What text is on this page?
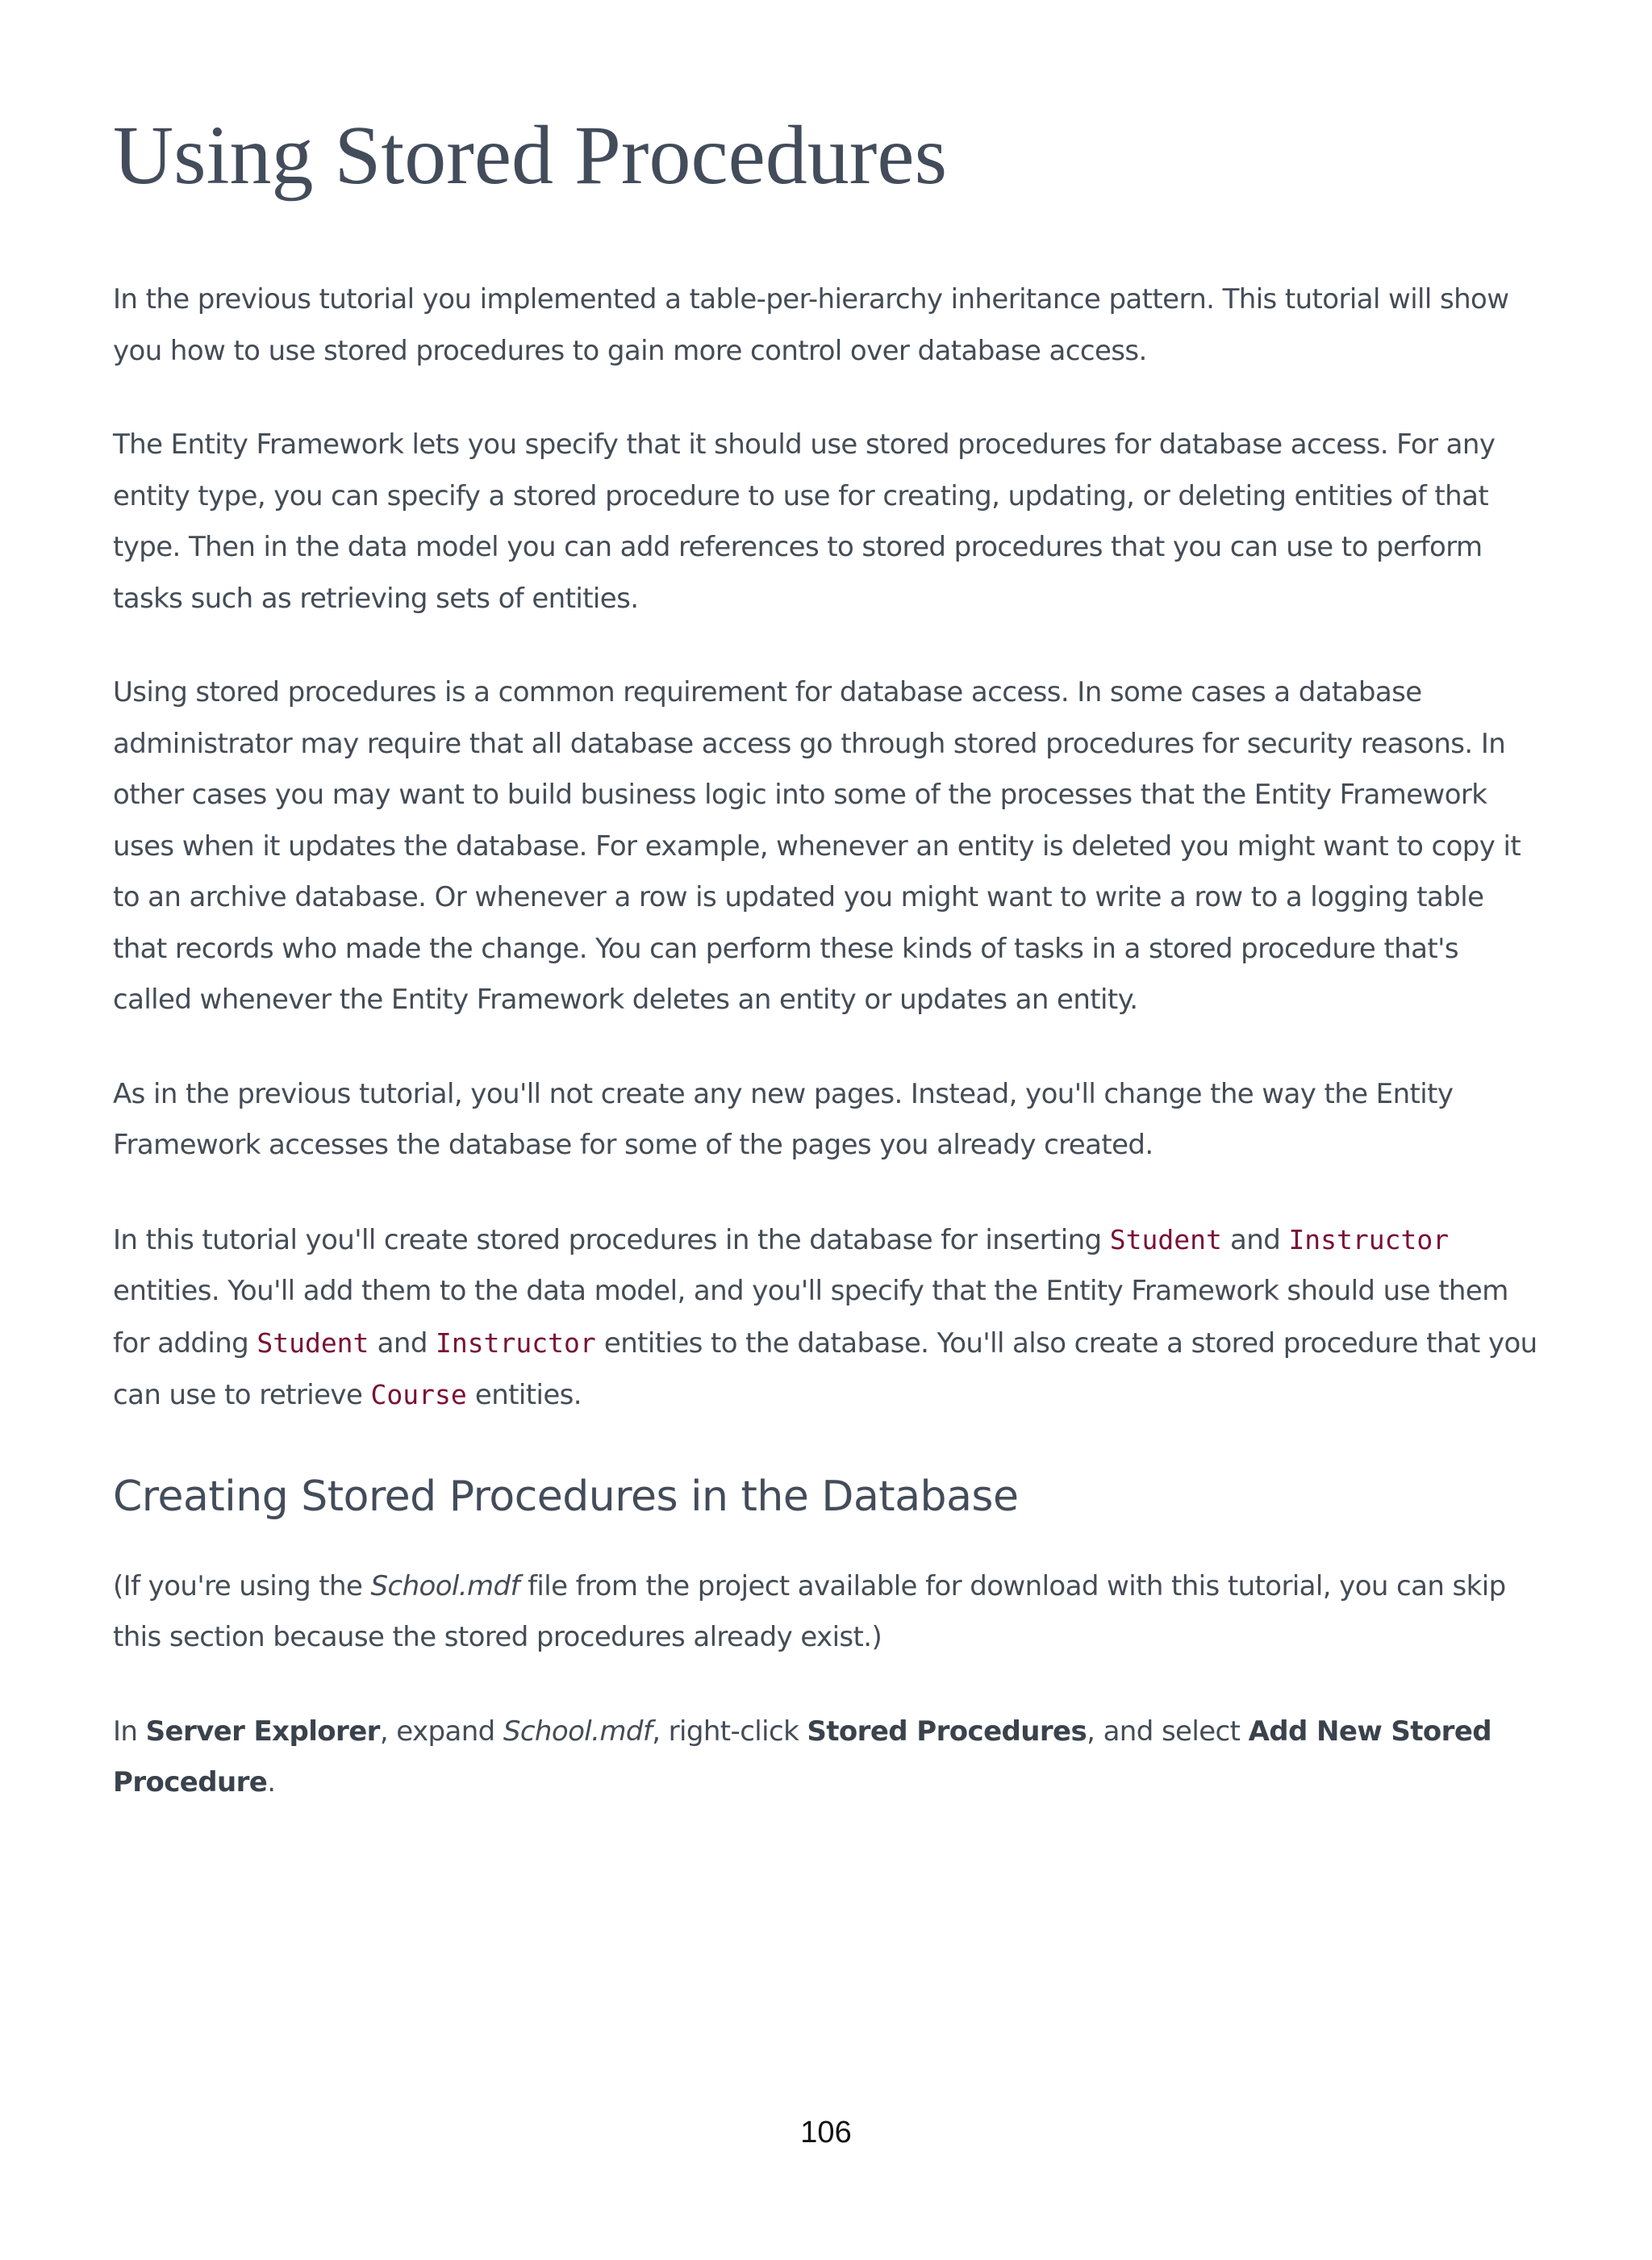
Using Stored Procedures

In the previous tutorial you implemented a table-per-hierarchy inheritance pattern. This tutorial will show you how to use stored procedures to gain more control over database access.

The Entity Framework lets you specify that it should use stored procedures for database access. For any entity type, you can specify a stored procedure to use for creating, updating, or deleting entities of that type. Then in the data model you can add references to stored procedures that you can use to perform tasks such as retrieving sets of entities.

Using stored procedures is a common requirement for database access. In some cases a database administrator may require that all database access go through stored procedures for security reasons. In other cases you may want to build business logic into some of the processes that the Entity Framework uses when it updates the database. For example, whenever an entity is deleted you might want to copy it to an archive database. Or whenever a row is updated you might want to write a row to a logging table that records who made the change. You can perform these kinds of tasks in a stored procedure that's called whenever the Entity Framework deletes an entity or updates an entity.

As in the previous tutorial, you'll not create any new pages. Instead, you'll change the way the Entity Framework accesses the database for some of the pages you already created.

In this tutorial you'll create stored procedures in the database for inserting Student and Instructor entities. You'll add them to the data model, and you'll specify that the Entity Framework should use them for adding Student and Instructor entities to the database. You'll also create a stored procedure that you can use to retrieve Course entities.

Creating Stored Procedures in the Database

(If you're using the School.mdf file from the project available for download with this tutorial, you can skip this section because the stored procedures already exist.)

In Server Explorer, expand School.mdf, right-click Stored Procedures, and select Add New Stored Procedure.

106
